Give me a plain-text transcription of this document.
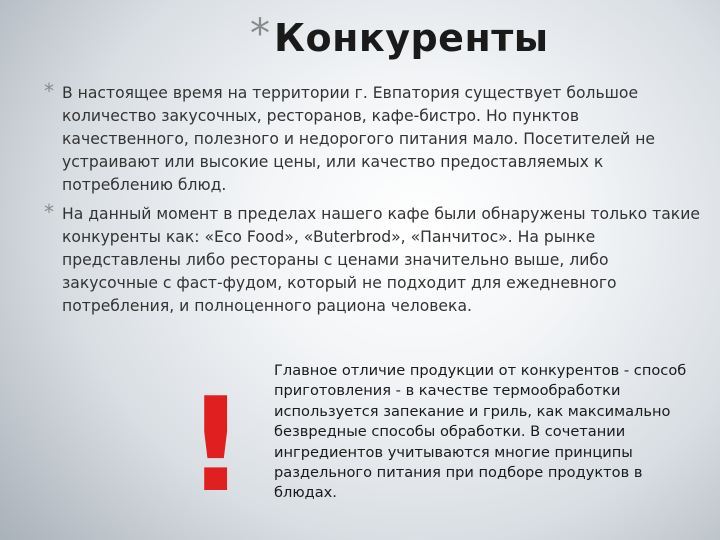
* Конкуренты
* В настоящее время на территории г. Евпатория существует большое количество закусочных, ресторанов, кафе-бистро. Но пунктов качественного, полезного и недорогого питания мало. Посетителей не устраивают или высокие цены, или качество предоставляемых к потреблению блюд.
* На данный момент в пределах нашего кафе были обнаружены только такие конкуренты как: «Eco Food», «Buterbrod», «Панчитос». На рынке представлены либо рестораны с ценами значительно выше, либо закусочные с фаст-фудом, который не подходит для ежедневного потребления, и полноценного рациона человека.
! Главное отличие продукции от конкурентов - способ приготовления - в качестве термообработки используется запекание и гриль, как максимально безвредные способы обработки. В сочетании ингредиентов учитываются многие принципы раздельного питания при подборе продуктов в блюдах.
